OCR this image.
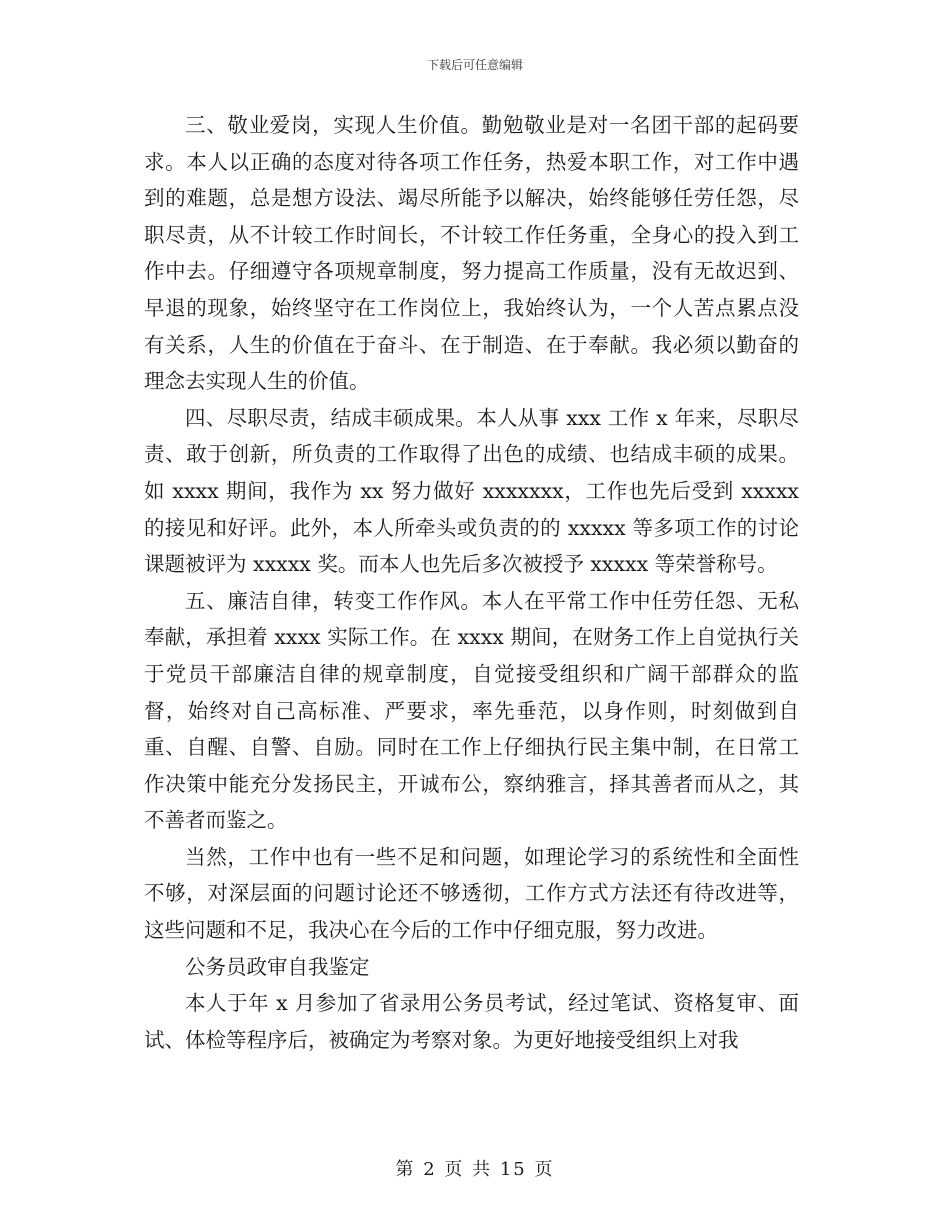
下载后可任意编辑

三、敬业爱岗，实现人生价值。勤勉敬业是对一名团干部的起码要求。本人以正确的态度对待各项工作任务，热爱本职工作，对工作中遇到的难题，总是想方设法、竭尽所能予以解决，始终能够任劳任怨，尽职尽责，从不计较工作时间长，不计较工作任务重，全身心的投入到工作中去。仔细遵守各项规章制度，努力提高工作质量，没有无故迟到、早退的现象，始终坚守在工作岗位上，我始终认为，一个人苦点累点没有关系，人生的价值在于奋斗、在于制造、在于奉献。我必须以勤奋的理念去实现人生的价值。

四、尽职尽责，结成丰硕成果。本人从事 xxx 工作 x 年来，尽职尽责、敢于创新，所负责的工作取得了出色的成绩、也结成丰硕的成果。如 xxxx 期间，我作为 xx 努力做好 xxxxxxx，工作也先后受到 xxxxx 的接见和好评。此外，本人所牵头或负责的的 xxxxx 等多项工作的讨论课题被评为 xxxxx 奖。而本人也先后多次被授予 xxxxx 等荣誉称号。

五、廉洁自律，转变工作作风。本人在平常工作中任劳任怨、无私奉献，承担着 xxxx 实际工作。在 xxxx 期间，在财务工作上自觉执行关于党员干部廉洁自律的规章制度，自觉接受组织和广阔干部群众的监督，始终对自己高标准、严要求，率先垂范，以身作则，时刻做到自重、自醒、自警、自励。同时在工作上仔细执行民主集中制，在日常工作决策中能充分发扬民主，开诚布公，察纳雅言，择其善者而从之，其不善者而鉴之。

当然，工作中也有一些不足和问题，如理论学习的系统性和全面性不够，对深层面的问题讨论还不够透彻，工作方式方法还有待改进等，这些问题和不足，我决心在今后的工作中仔细克服，努力改进。

公务员政审自我鉴定

本人于年 x 月参加了省录用公务员考试，经过笔试、资格复审、面试、体检等程序后，被确定为考察对象。为更好地接受组织上对我

第 2 页 共 15 页
